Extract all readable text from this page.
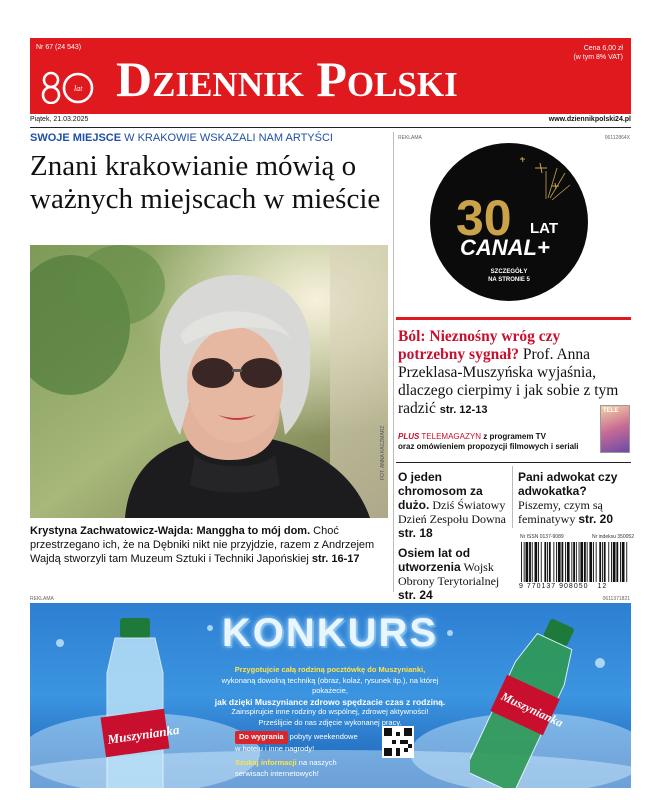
Nr 67 (24 543)	Cena 6,00 zł
(w tym 8% VAT)
lat Dziennik Polski
Piątek, 21.03.2025	www.dziennikpolski24.pl
SWOJE MIEJSCE W KRAKOWIE WSKAZALI NAM ARTYŚCI
Znani krakowianie mówią o ważnych miejscach w mieście
FOT. ANNA KACZMARZ
Krystyna Zachwatowicz-Wajda: Manggha to mój dom. Choć przestrzegano ich, że na Dębniki nikt nie przyjdzie, razem z Andrzejem Wajdą stworzyli tam Muzeum Sztuki i Techniki Japońskiej str. 16-17
REKLAMA	06112864X
30 LAT
CANAL+
SZCZEGÓŁY
NA STRONIE 5
Ból: Nieznośny wróg czy potrzebny sygnał? Prof. Anna Przeklasa-Muszyńska wyjaśnia, dlaczego cierpimy i jak sobie z tym radzić str. 12-13
PLUS TELEMAGAZYN z programem TV
oraz omówieniem propozycji filmowych i seriali
TELE
O jeden chromosom za dużo. Dziś Światowy Dzień Zespołu Downa str. 18
Pani adwokat czy adwokatka? Piszemy, czym są feminatywy str. 20
Osiem lat od utworzenia Wojsk Obrony Terytorialnej str. 24
Nr ISSN 0137-9089	Nr indeksu 350052
9 770137 908050 12
REKLAMA	0611371821
Muszynianka
Muszynianka
KONKURS
Przygotujcie całą rodziną pocztówkę do Muszynianki,
wykonaną dowolną techniką (obraz, kolaż, rysunek itp.), na której pokażecie,
jak dzięki Muszyniance zdrowo spędzacie czas z rodziną.
Zainspirujcie inne rodziny do wspólnej, zdrowej aktywności!
Prześlijcie do nas zdjęcie wykonanej pracy.
Do wygrania pobyty weekendowe
w hotelu i inne nagrody!
Szukaj informacji na naszych
serwisach internetowych!
